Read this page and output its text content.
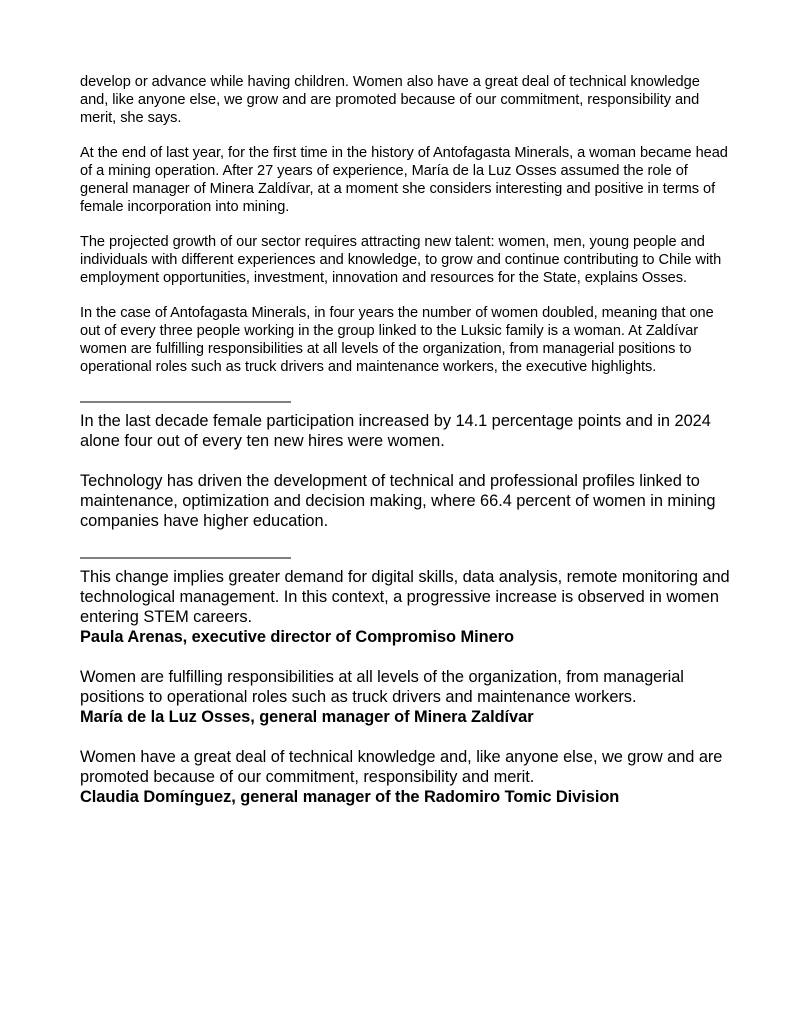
develop or advance while having children. Women also have a great deal of technical knowledge and, like anyone else, we grow and are promoted because of our commitment, responsibility and merit, she says.

At the end of last year, for the first time in the history of Antofagasta Minerals, a woman became head of a mining operation. After 27 years of experience, María de la Luz Osses assumed the role of general manager of Minera Zaldívar, at a moment she considers interesting and positive in terms of female incorporation into mining.

The projected growth of our sector requires attracting new talent: women, men, young people and individuals with different experiences and knowledge, to grow and continue contributing to Chile with employment opportunities, investment, innovation and resources for the State, explains Osses.

In the case of Antofagasta Minerals, in four years the number of women doubled, meaning that one out of every three people working in the group linked to the Luksic family is a woman. At Zaldívar women are fulfilling responsibilities at all levels of the organization, from managerial positions to operational roles such as truck drivers and maintenance workers, the executive highlights.

———————————————

In the last decade female participation increased by 14.1 percentage points and in 2024 alone four out of every ten new hires were women.

Technology has driven the development of technical and professional profiles linked to maintenance, optimization and decision making, where 66.4 percent of women in mining companies have higher education.

———————————————

This change implies greater demand for digital skills, data analysis, remote monitoring and technological management. In this context, a progressive increase is observed in women entering STEM careers.

Paula Arenas, executive director of Compromiso Minero

Women are fulfilling responsibilities at all levels of the organization, from managerial positions to operational roles such as truck drivers and maintenance workers.

María de la Luz Osses, general manager of Minera Zaldívar

Women have a great deal of technical knowledge and, like anyone else, we grow and are promoted because of our commitment, responsibility and merit.

Claudia Domínguez, general manager of the Radomiro Tomic Division
